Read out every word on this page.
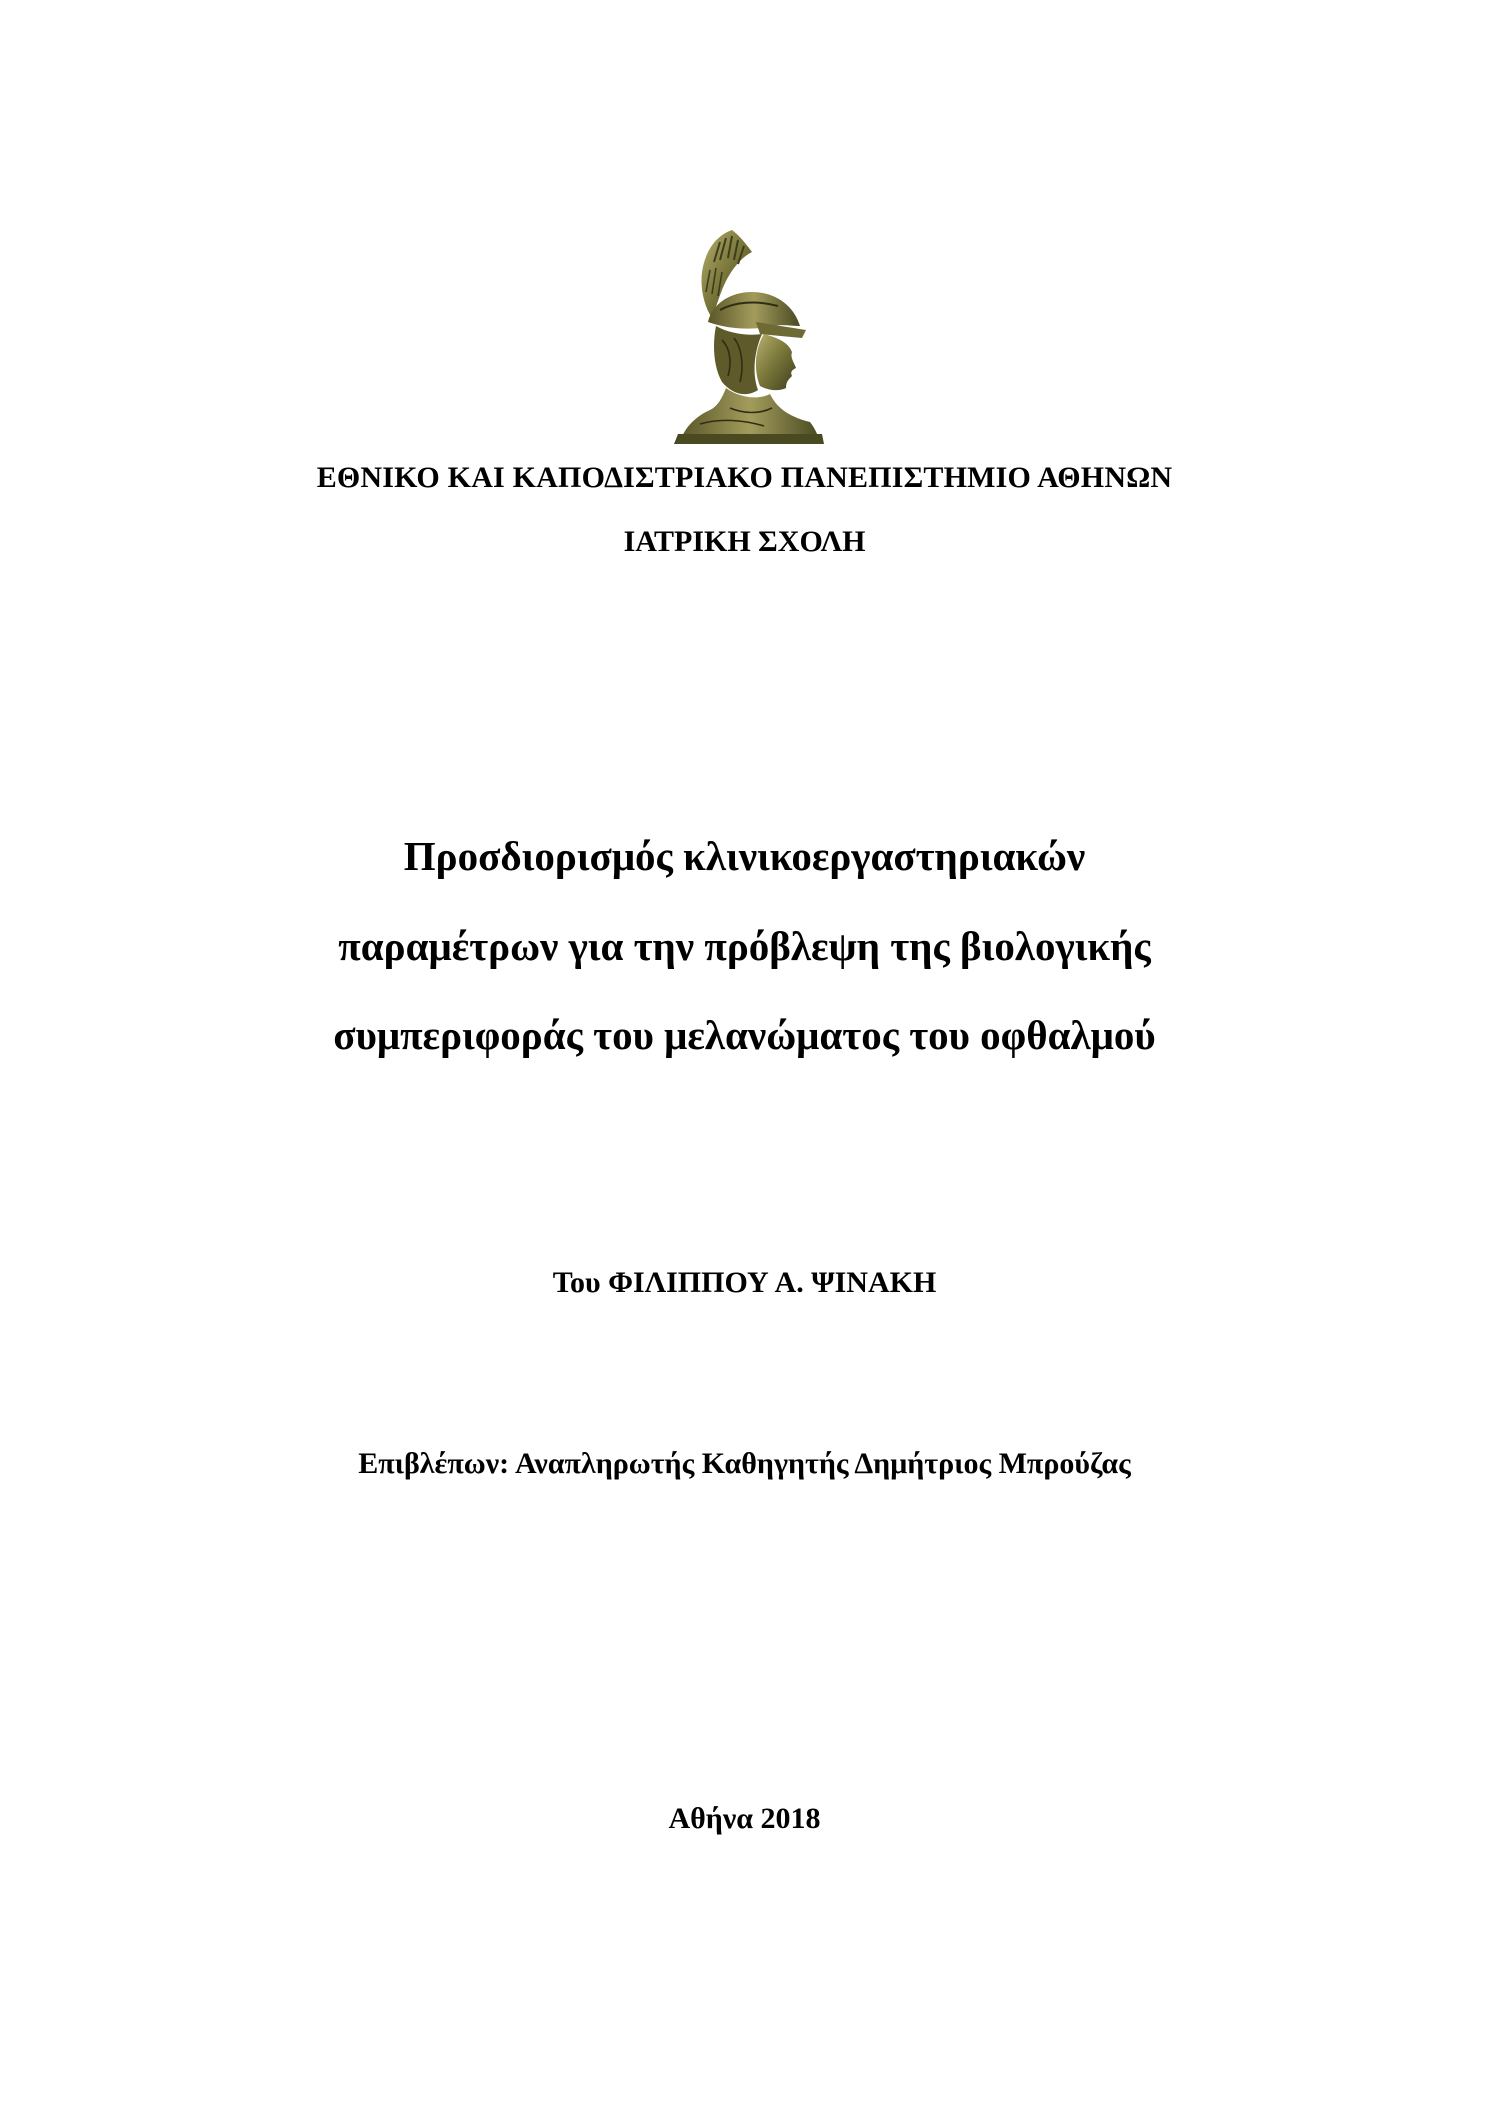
ΕΘΝΙΚΟ ΚΑΙ ΚΑΠΟΔΙΣΤΡΙΑΚΟ ΠΑΝΕΠΙΣΤΗΜΙΟ ΑΘΗΝΩΝ
ΙΑΤΡΙΚΗ ΣΧΟΛΗ
Προσδιορισμός κλινικοεργαστηριακών
παραμέτρων για την πρόβλεψη της βιολογικής
συμπεριφοράς του μελανώματος του οφθαλμού
Του ΦΙΛΙΠΠΟΥ Α. ΨΙΝΑΚΗ
Επιβλέπων: Αναπληρωτής Καθηγητής Δημήτριος Μπρούζας
Αθήνα 2018
